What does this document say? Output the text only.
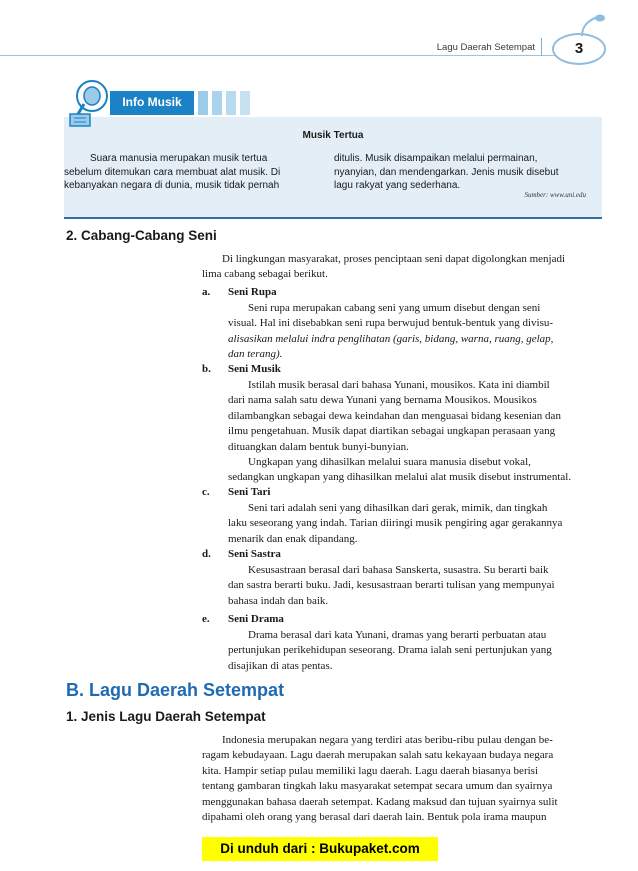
Lagu Daerah Setempat	3
Info Musik
Musik Tertua
Suara manusia merupakan musik tertua
sebelum ditemukan cara membuat alat musik. Di
kebanyakan negara di dunia, musik tidak pernah
ditulis. Musik disampaikan melalui permainan,
nyanyian, dan mendengarkan. Jenis musik disebut
lagu rakyat yang sederhana.
Sumber: www.uni.edu
2. Cabang-Cabang Seni
Di lingkungan masyarakat, proses penciptaan seni dapat digolongkan menjadi
lima cabang sebagai berikut.
a. Seni Rupa
Seni rupa merupakan cabang seni yang umum disebut dengan seni
visual. Hal ini disebabkan seni rupa berwujud bentuk-bentuk yang divisu-
alisasikan melalui indra penglihatan (garis, bidang, warna, ruang, gelap,
dan terang).
b. Seni Musik
Istilah musik berasal dari bahasa Yunani, mousikos. Kata ini diambil
dari nama salah satu dewa Yunani yang bernama Mousikos. Mousikos
dilambangkan sebagai dewa keindahan dan menguasai bidang kesenian dan
ilmu pengetahuan. Musik dapat diartikan sebagai ungkapan perasaan yang
dituangkan dalam bentuk bunyi-bunyian.
Ungkapan yang dihasilkan melalui suara manusia disebut vokal,
sedangkan ungkapan yang dihasilkan melalui alat musik disebut instrumental.
c. Seni Tari
Seni tari adalah seni yang dihasilkan dari gerak, mimik, dan tingkah
laku seseorang yang indah. Tarian diiringi musik pengiring agar gerakannya
menarik dan enak dipandang.
d. Seni Sastra
Kesusastraan berasal dari bahasa Sanskerta, susastra. Su berarti baik
dan sastra berarti buku. Jadi, kesusastraan berarti tulisan yang mempunyai
bahasa indah dan baik.
e. Seni Drama
Drama berasal dari kata Yunani, dramas yang berarti perbuatan atau
pertunjukan perikehidupan seseorang. Drama ialah seni pertunjukan yang
disajikan di atas pentas.
B. Lagu Daerah Setempat
1. Jenis Lagu Daerah Setempat
Indonesia merupakan negara yang terdiri atas beribu-ribu pulau dengan be-
ragam kebudayaan. Lagu daerah merupakan salah satu kekayaan budaya negara
kita. Hampir setiap pulau memiliki lagu daerah. Lagu daerah biasanya berisi
tentang gambaran tingkah laku masyarakat setempat secara umum dan syairnya
menggunakan bahasa daerah setempat. Kadang maksud dan tujuan syairnya sulit
dipahami oleh orang yang berasal dari daerah lain. Bentuk pola irama maupun
Di unduh dari : Bukupaket.com
